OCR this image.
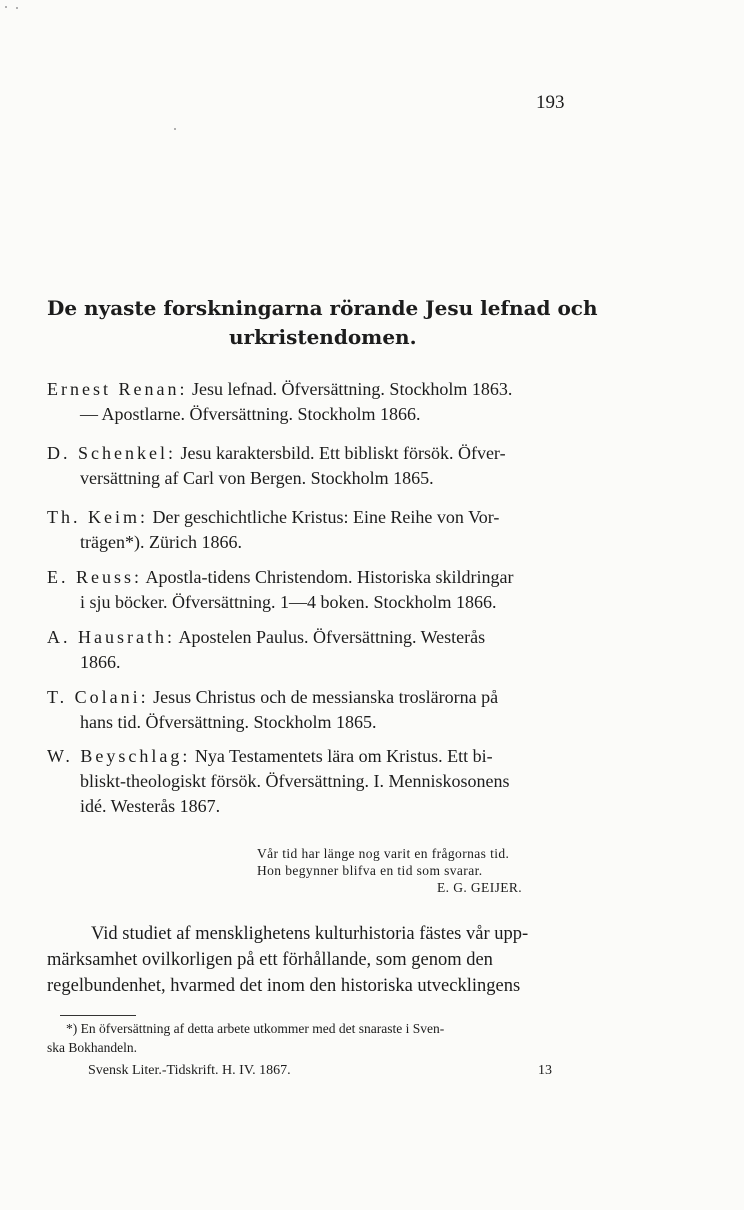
193
De nyaste forskningarna rörande Jesu lefnad och
urkristendomen.
Ernest Renan: Jesu lefnad. Öfversättning. Stockholm 1863.
— Apostlarne. Öfversättning. Stockholm 1866.
D. Schenkel: Jesu karaktersbild. Ett bibliskt försök. Öfver-
versättning af Carl von Bergen. Stockholm 1865.
Th. Keim: Der geschichtliche Kristus: Eine Reihe von Vor-
trägen*). Zürich 1866.
E. Reuss: Apostla-tidens Christendom. Historiska skildringar
i sju böcker. Öfversättning. 1—4 boken. Stockholm 1866.
A. Hausrath: Apostelen Paulus. Öfversättning. Westerås
1866.
T. Colani: Jesus Christus och de messianska troslärorna på
hans tid. Öfversättning. Stockholm 1865.
W. Beyschlag: Nya Testamentets lära om Kristus. Ett bi-
bliskt-theologiskt försök. Öfversättning. I. Menniskosonens
idé. Westerås 1867.
Vår tid har länge nog varit en frågornas tid.
Hon begynner blifva en tid som svarar.
E. G. GEIJER.
Vid studiet af mensklighetens kulturhistoria fästes vår upp-
märksamhet ovilkorligen på ett förhållande, som genom den
regelbundenhet, hvarmed det inom den historiska utvecklingens
*) En öfversättning af detta arbete utkommer med det snaraste i Sven-
ska Bokhandeln.
Svensk Liter.-Tidskrift. H. IV. 1867.	13
